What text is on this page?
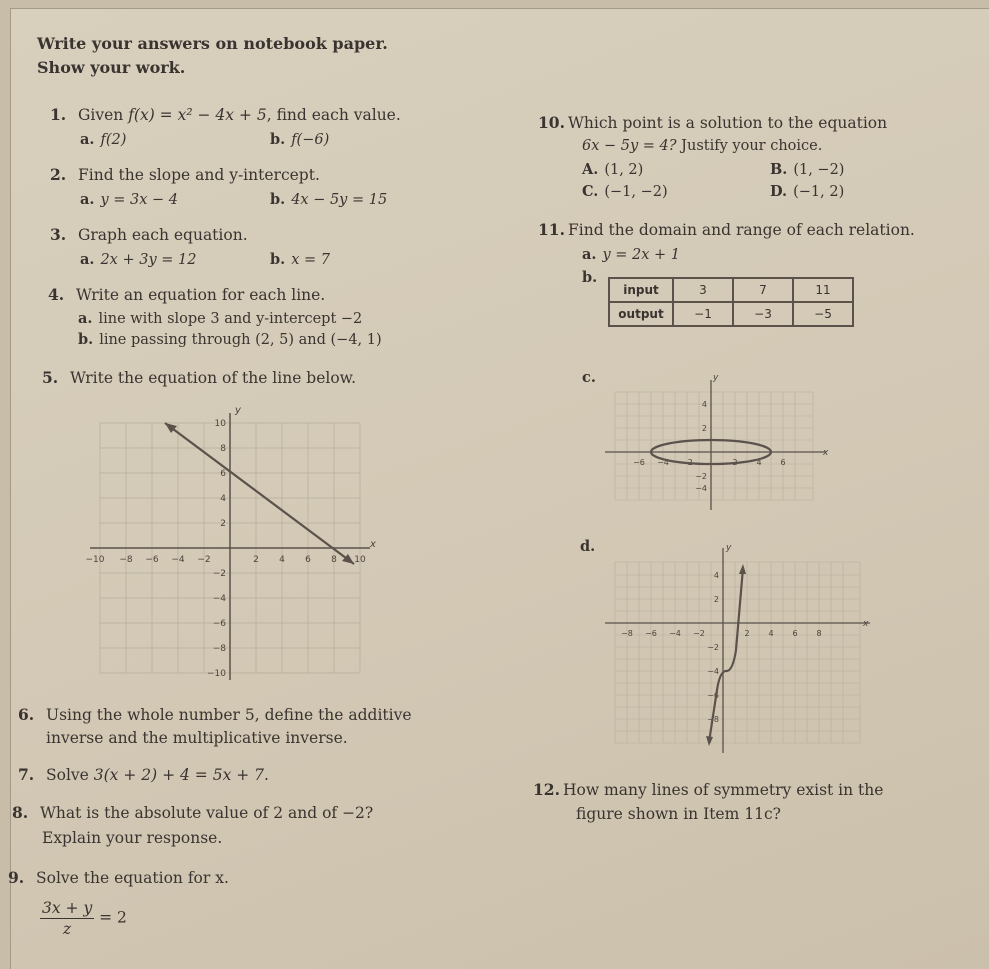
Write your answers on notebook paper.
Show your work.
1. Given f(x) = x² − 4x + 5, find each value.
a. f(2)	b. f(−6)
2. Find the slope and y-intercept.
a. y = 3x − 4	b. 4x − 5y = 15
3. Graph each equation.
a. 2x + 3y = 12	b. x = 7
4. Write an equation for each line.
a. line with slope 3 and y-intercept −2
b. line passing through (2, 5) and (−4, 1)
5. Write the equation of the line below.
y
x
−10 −8 −6 −4 −2	2 4 6 8 10
10
8
6
4
2
−2
−4
−6
−8
−10
6. Using the whole number 5, define the additive
inverse and the multiplicative inverse.
7. Solve 3(x + 2) + 4 = 5x + 7.
8. What is the absolute value of 2 and of −2?
Explain your response.
9. Solve the equation for x.
$\frac{3x + y}{z} = 2$
10. Which point is a solution to the equation
6x − 5y = 4? Justify your choice.
A. (1, 2)	B. (1, −2)
C. (−1, −2)	D. (−1, 2)
11. Find the domain and range of each relation.
a. y = 2x + 1
b.
input	3	7	11
output	−1	−3	−5
c.	y
x
−6 −4 −2	2 4 6
4
2
−2
−4
d.	y
x
−8 −6 −4 −2	2 4 6 8
4
2
−2
−4
−6
−8
12. How many lines of symmetry exist in the
figure shown in Item 11c?
